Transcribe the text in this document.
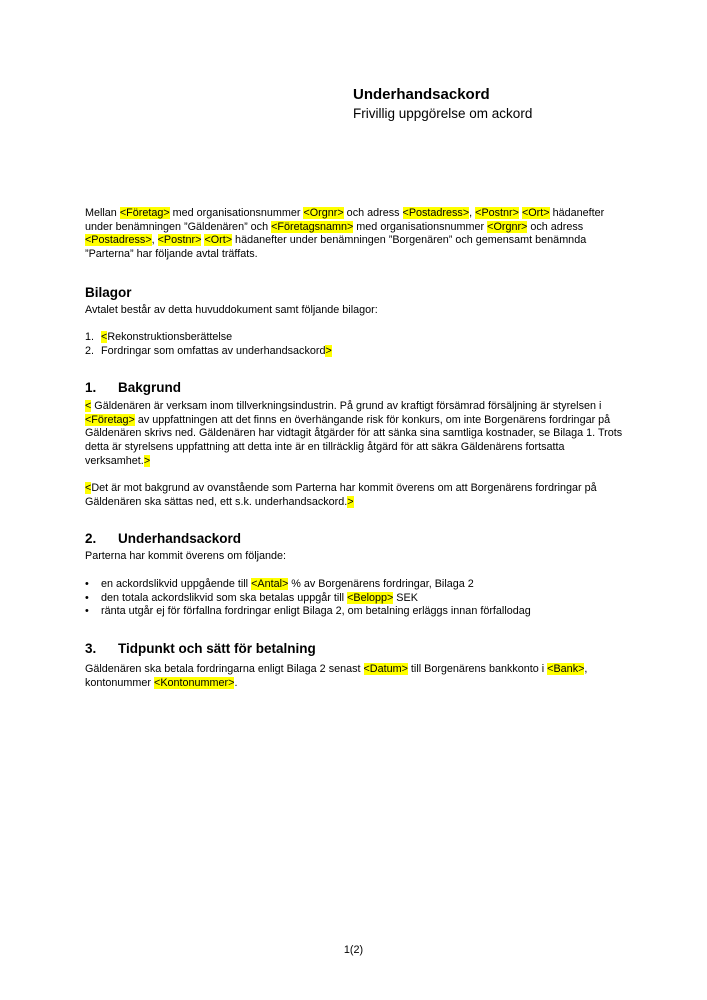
Underhandsackord
Frivillig uppgörelse om ackord

Mellan <Företag> med organisationsnummer <Orgnr> och adress <Postadress>, <Postnr> <Ort> hädanefter under benämningen ”Gäldenären” och <Företagsnamn> med organisationsnummer <Orgnr> och adress <Postadress>, <Postnr> <Ort> hädanefter under benämningen ”Borgenären” och gemensamt benämnda ”Parterna” har följande avtal träffats.

Bilagor

Avtalet består av detta huvuddokument samt följande bilagor:

1. <Rekonstruktionsberättelse
2. Fordringar som omfattas av underhandsackord>
1. Bakgrund

< Gäldenären är verksam inom tillverkningsindustrin. På grund av kraftigt försämrad försäljning är styrelsen i <Företag> av uppfattningen att det finns en överhängande risk för konkurs, om inte Borgenärens fordringar på Gäldenären skrivs ned. Gäldenären har vidtagit åtgärder för att sänka sina samtliga kostnader, se Bilaga 1. Trots detta är styrelsens uppfattning att detta inte är en tillräcklig åtgärd för att säkra Gäldenärens fortsatta verksamhet.>

<Det är mot bakgrund av ovanstående som Parterna har kommit överens om att Borgenärens fordringar på Gäldenären ska sättas ned, ett s.k. underhandsackord.>

2. Underhandsackord

Parterna har kommit överens om följande:

• en ackordslikvid uppgående till <Antal> % av Borgenärens fordringar, Bilaga 2
• den totala ackordslikvid som ska betalas uppgår till <Belopp> SEK
• ränta utgår ej för förfallna fordringar enligt Bilaga 2, om betalning erläggs innan förfallodag
3. Tidpunkt och sätt för betalning

Gäldenären ska betala fordringarna enligt Bilaga 2 senast <Datum> till Borgenärens bankkonto i <Bank>, kontonummer <Kontonummer>.

1(2)
